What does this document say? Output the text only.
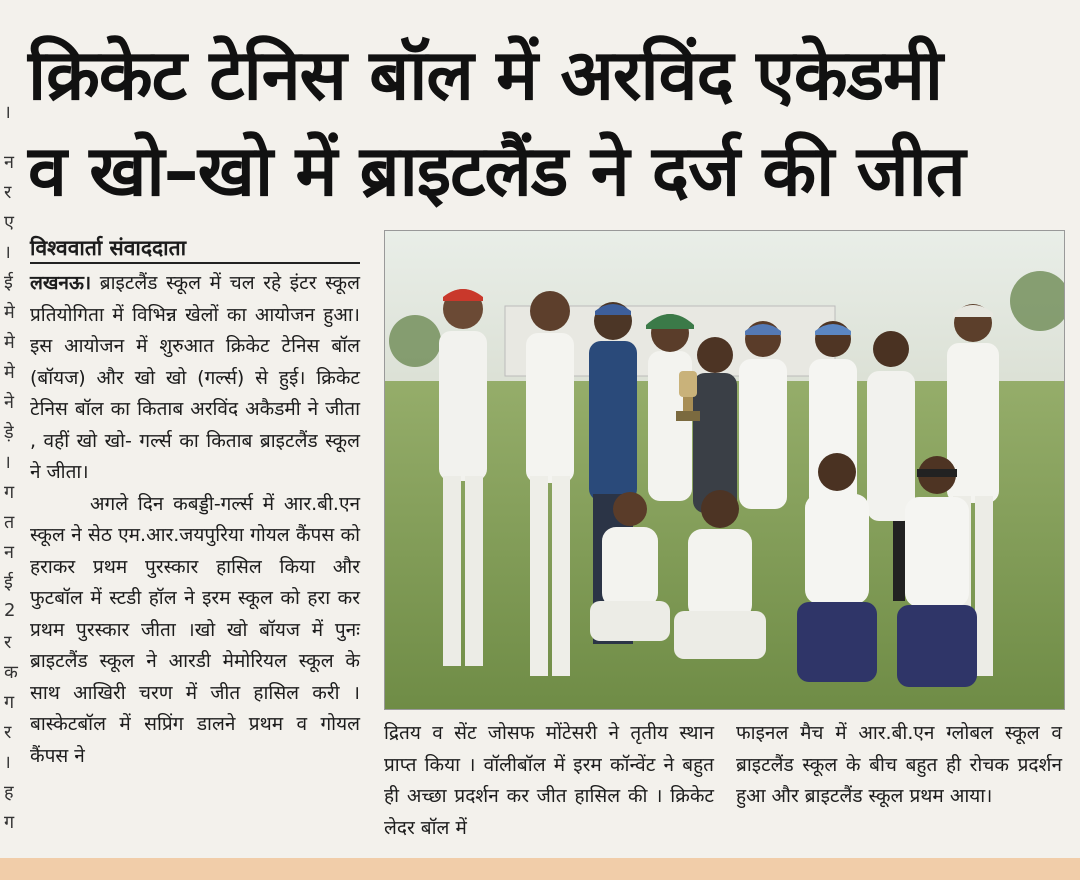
।
न
र
ए
।
ई
मे
मे
मे
ने
ड़े
।
ग
त
न
ई
2
र
क
ग
र
।
ह
ग
क्रिकेट टेनिस बॉल में अरविंद एकेडमी
व खो–खो में ब्राइटलैंड ने दर्ज की जीत
विश्ववार्ता संवाददाता

लखनऊ। ब्राइटलैंड स्कूल में चल रहे इंटर स्कूल प्रतियोगिता में विभिन्न खेलों का आयोजन हुआ। इस आयोजन में शुरुआत क्रिकेट टेनिस बॉल (बॉयज) और खो खो (गर्ल्स) से हुई। क्रिकेट टेनिस बॉल का किताब अरविंद अकैडमी ने जीता , वहीं खो खो- गर्ल्स का किताब ब्राइटलैंड स्कूल ने जीता।

अगले दिन कबड्डी-गर्ल्स में आर.बी.एन स्कूल ने सेठ एम.आर.जयपुरिया गोयल कैंपस को हराकर प्रथम पुरस्कार हासिल किया और फुटबॉल में स्टडी हॉल ने इरम स्कूल को हरा कर प्रथम पुरस्कार जीता ।खो खो बॉयज में पुनः ब्राइटलैंड स्कूल ने आरडी मेमोरियल स्कूल के साथ आखिरी चरण में जीत हासिल करी । बास्केटबॉल में सप्रिंग डालने प्रथम व गोयल कैंपस ने

द्रितय व सेंट जोसफ मोंटेसरी ने तृतीय स्थान प्राप्त किया । वॉलीबॉल में इरम कॉन्वेंट ने बहुत ही अच्छा प्रदर्शन कर जीत हासिल की । क्रिकेट लेदर बॉल में

फाइनल मैच में आर.बी.एन ग्लोबल स्कूल व ब्राइटलैंड स्कूल के बीच बहुत ही रोचक प्रदर्शन हुआ और ब्राइटलैंड स्कूल प्रथम आया।
